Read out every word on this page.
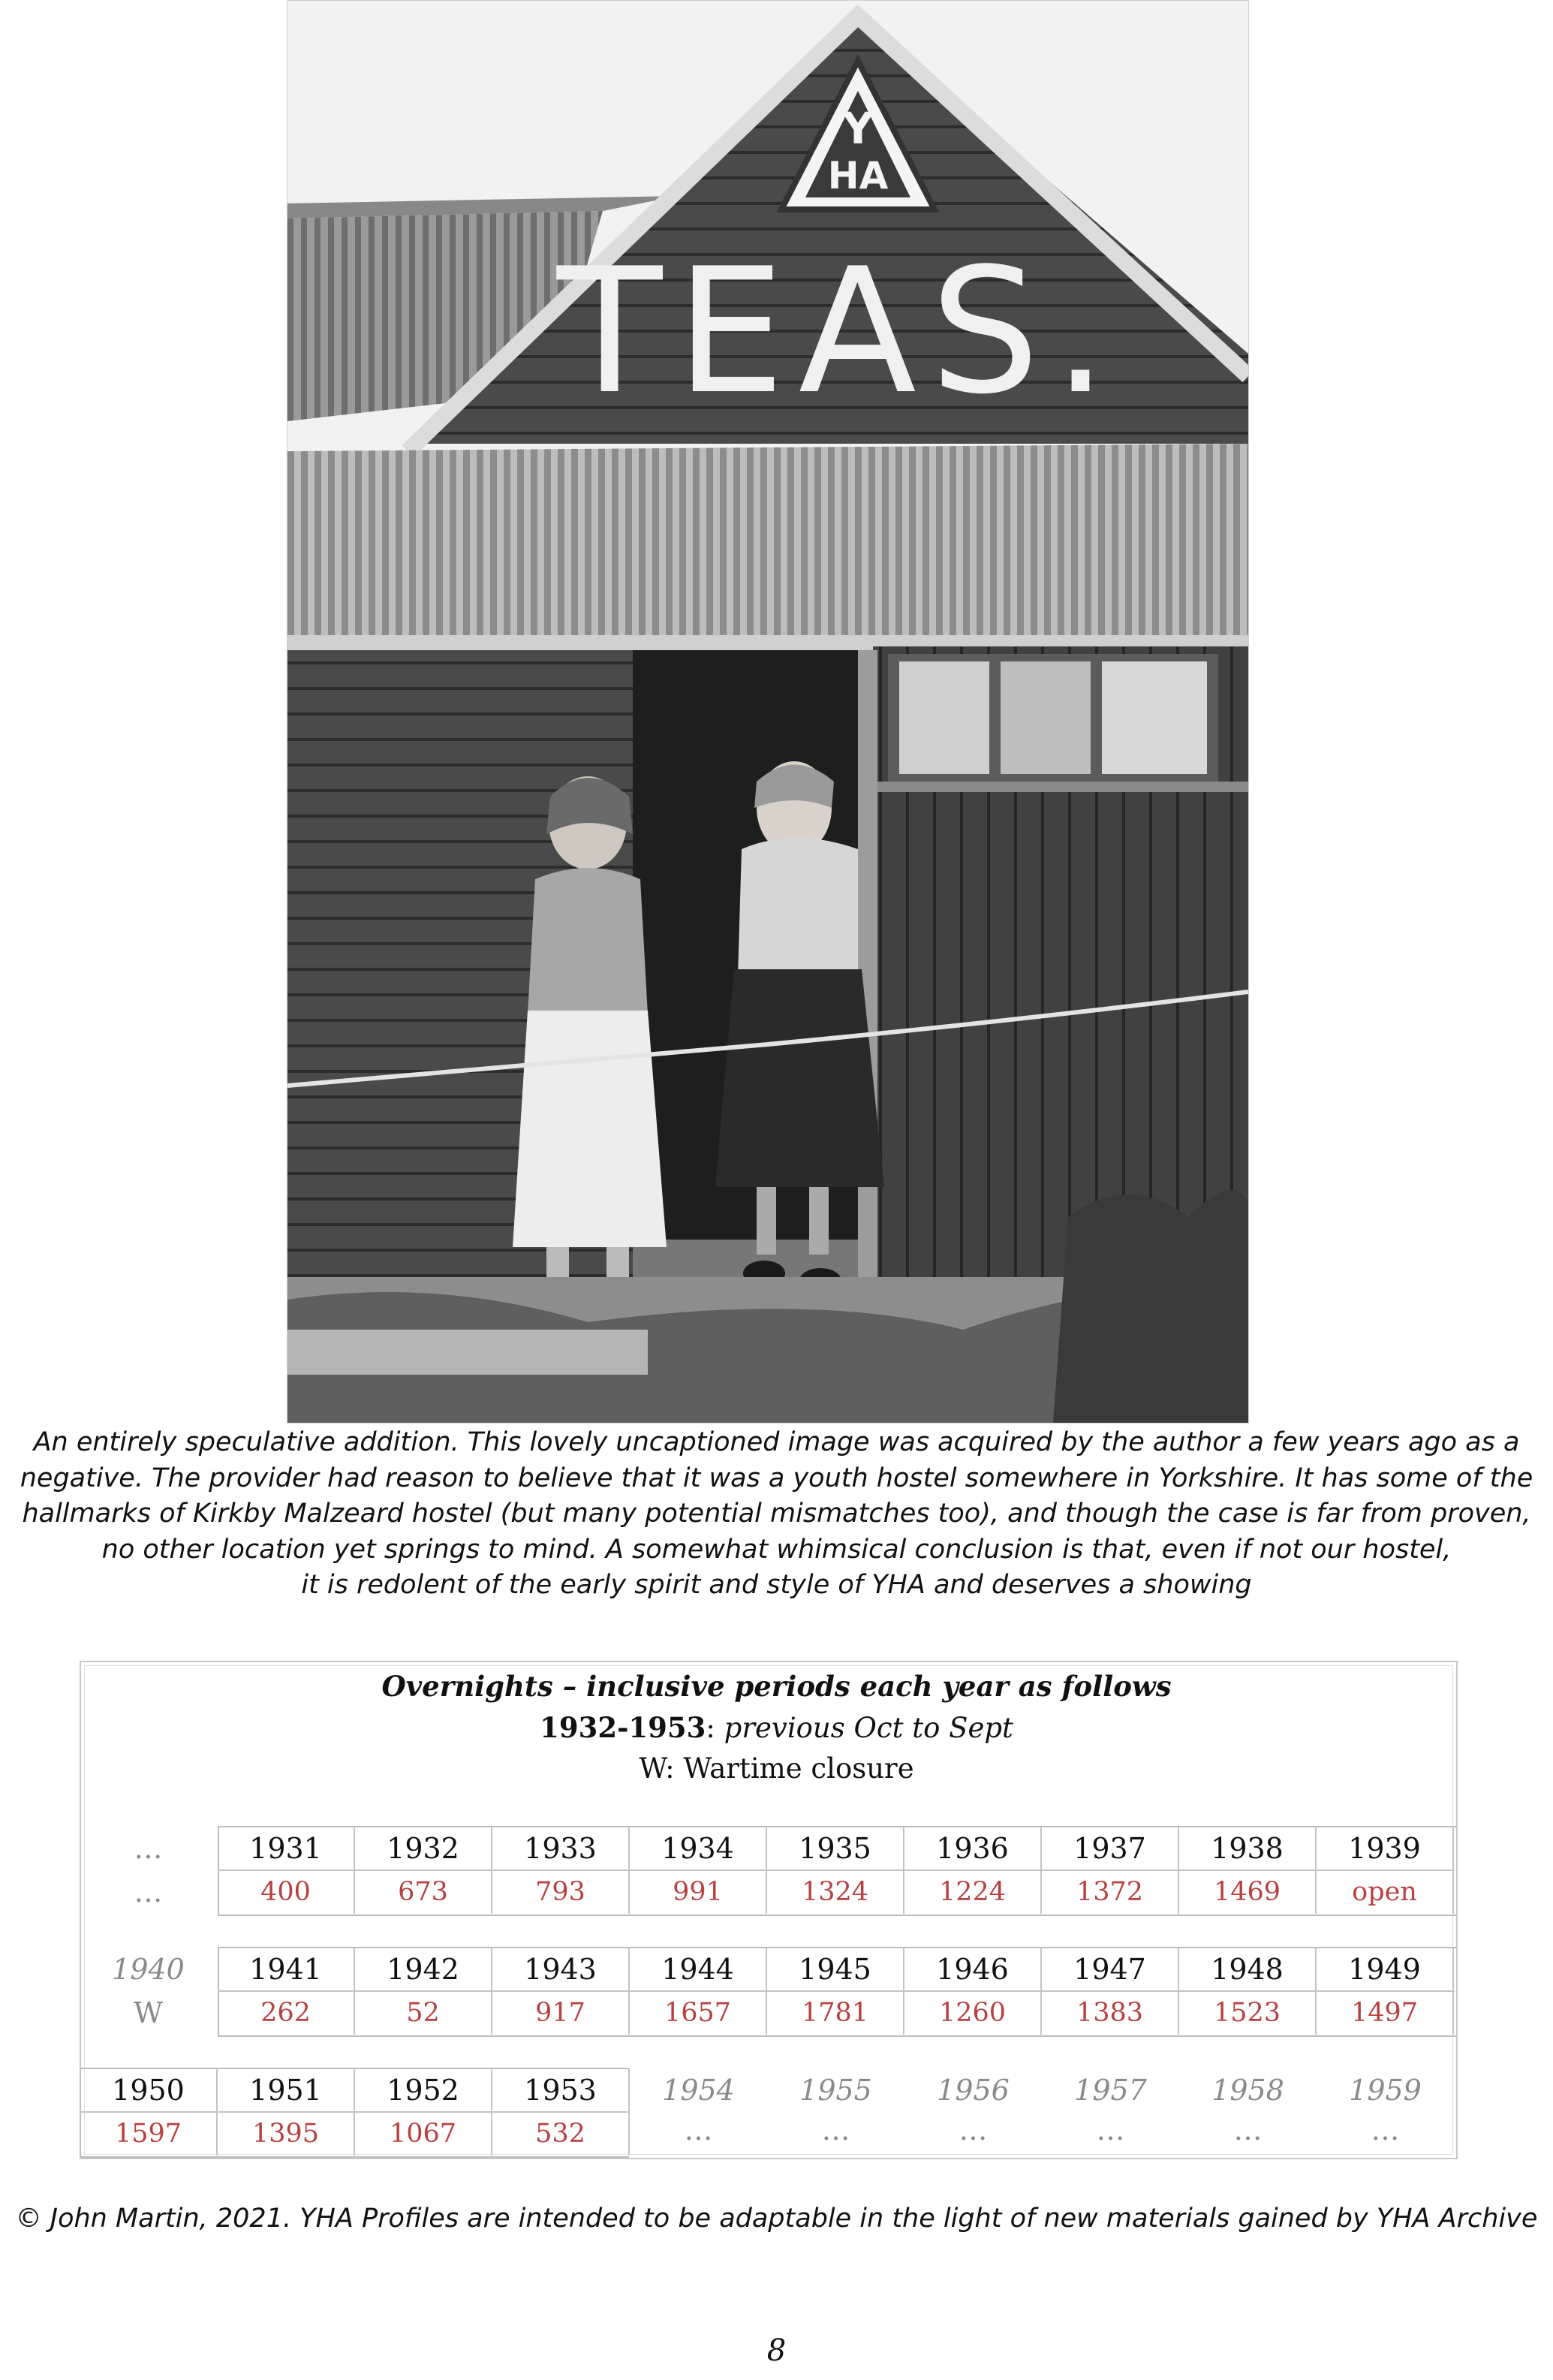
Y
HA
TEAS.
An entirely speculative addition. This lovely uncaptioned image was acquired by the author a few years ago as a
negative. The provider had reason to believe that it was a youth hostel somewhere in Yorkshire. It has some of the
hallmarks of Kirkby Malzeard hostel (but many potential mismatches too), and though the case is far from proven,
no other location yet springs to mind. A somewhat whimsical conclusion is that, even if not our hostel,
it is redolent of the early spirit and style of YHA and deserves a showing
Overnights – inclusive periods each year as follows
1932-1953: previous Oct to Sept
W: Wartime closure
…	1931	1932	1933	1934	1935	1936	1937	1938	1939
…	400	673	793	991	1324	1224	1372	1469	open
1940	1941	1942	1943	1944	1945	1946	1947	1948	1949
W	262	52	917	1657	1781	1260	1383	1523	1497
1950	1951	1952	1953	1954	1955	1956	1957	1958	1959
1597	1395	1067	532	…	…	…	…	…	…
© John Martin, 2021. YHA Profiles are intended to be adaptable in the light of new materials gained by YHA Archive
8
